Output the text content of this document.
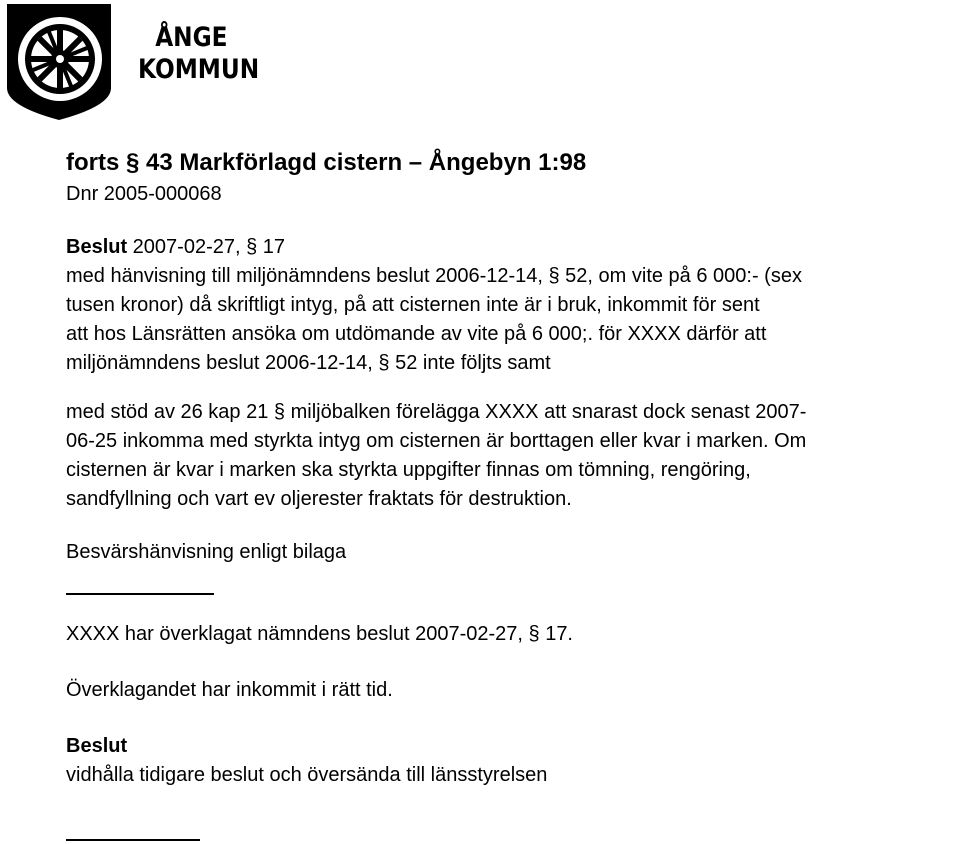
ÅNGE
KOMMUN
forts § 43 Markförlagd cistern – Ångebyn 1:98
Dnr 2005-000068
Beslut 2007-02-27, § 17
med hänvisning till miljönämndens beslut 2006-12-14, § 52, om vite på 6 000:- (sex
tusen kronor) då skriftligt intyg, på att cisternen inte är i bruk, inkommit för sent
att hos Länsrätten ansöka om utdömande av vite på 6 000;. för XXXX därför att
miljönämndens beslut 2006-12-14, § 52 inte följts samt
med stöd av 26 kap 21 § miljöbalken förelägga XXXX att snarast dock senast 2007-
06-25 inkomma med styrkta intyg om cisternen är borttagen eller kvar i marken. Om
cisternen är kvar i marken ska styrkta uppgifter finnas om tömning, rengöring,
sandfyllning och vart ev oljerester fraktats för destruktion.
Besvärshänvisning enligt bilaga
XXXX har överklagat nämndens beslut 2007-02-27, § 17.
Överklagandet har inkommit i rätt tid.
Beslut
vidhålla tidigare beslut och översända till länsstyrelsen
